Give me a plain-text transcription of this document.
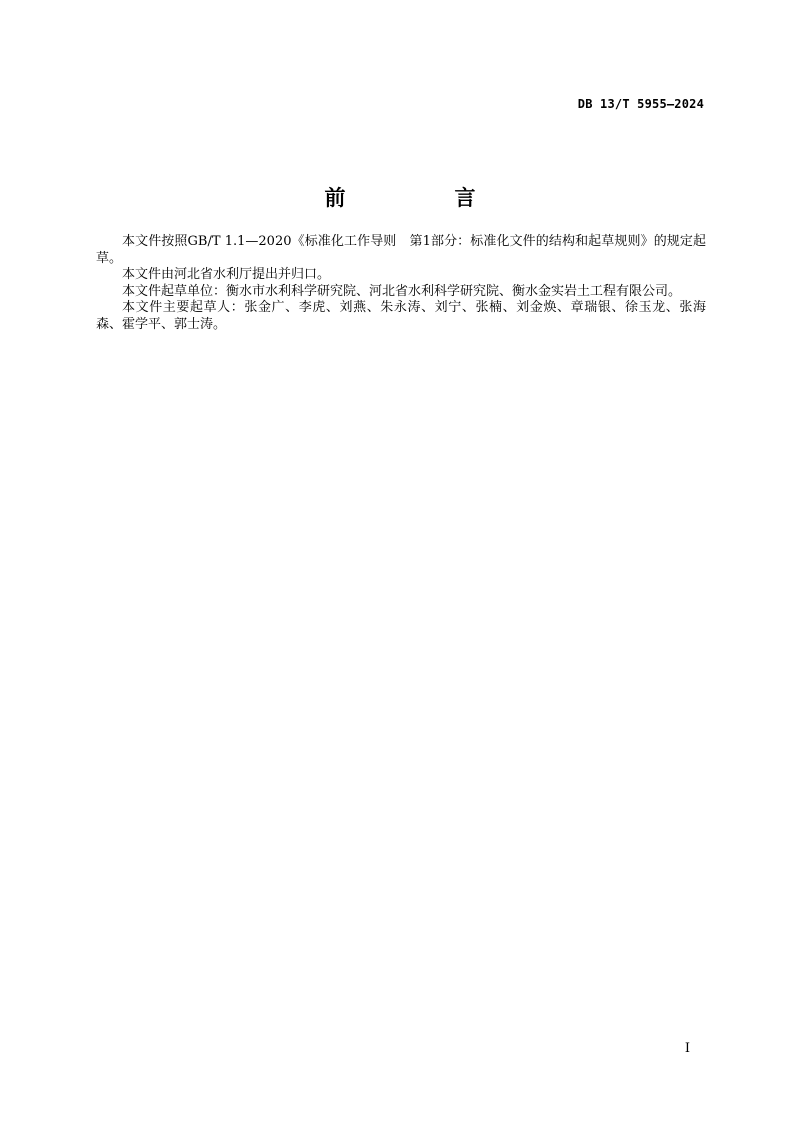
DB 13/T 5955—2024
前　言

本文件按照GB/T 1.1—2020《标准化工作导则　第1部分：标准化文件的结构和起草规则》的规定起草。

本文件由河北省水利厅提出并归口。

本文件起草单位：衡水市水利科学研究院、河北省水利科学研究院、衡水金实岩土工程有限公司。

本文件主要起草人：张金广、李虎、刘燕、朱永涛、刘宁、张楠、刘金焕、章瑞银、徐玉龙、张海森、霍学平、郭士涛。

I
